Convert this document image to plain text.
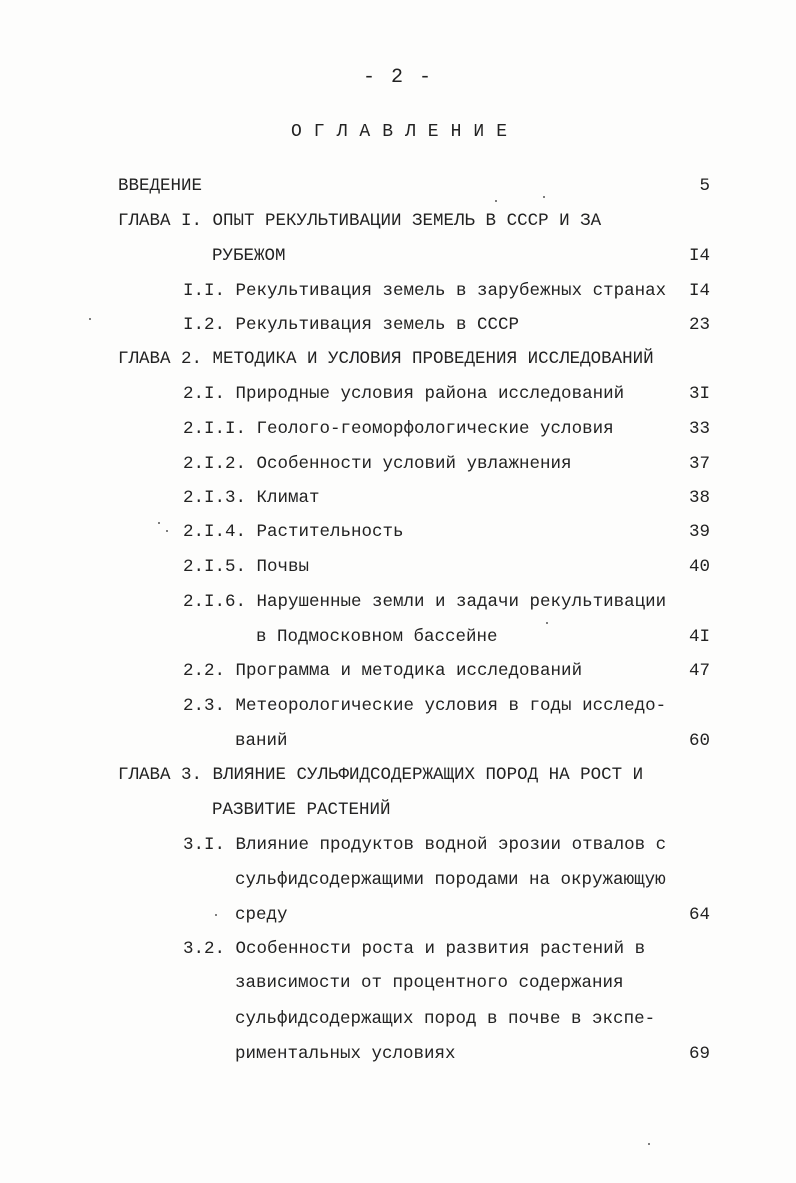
- 2 -
ОГЛАВЛЕНИЕ
ВВЕДЕНИЕ	5
ГЛАВА I. ОПЫТ РЕКУЛЬТИВАЦИИ ЗЕМЕЛЬ В СССР И ЗА
РУБЕЖОМ	I4
I.I. Рекультивация земель в зарубежных странах	I4
I.2. Рекультивация земель в СССР	23
ГЛАВА 2. МЕТОДИКА И УСЛОВИЯ ПРОВЕДЕНИЯ ИССЛЕДОВАНИЙ
2.I. Природные условия района исследований	3I
2.I.I. Геолого-геоморфологические условия	33
2.I.2. Особенности условий увлажнения	37
2.I.3. Климат	38
2.I.4. Растительность	39
2.I.5. Почвы	40
2.I.6. Нарушенные земли и задачи рекультивации
в Подмосковном бассейне	4I
2.2. Программа и методика исследований	47
2.3. Метеорологические условия в годы исследо-
ваний	60
ГЛАВА 3. ВЛИЯНИЕ СУЛЬФИДСОДЕРЖАЩИХ ПОРОД НА РОСТ И
РАЗВИТИЕ РАСТЕНИЙ
3.I. Влияние продуктов водной эрозии отвалов с
сульфидсодержащими породами на окружающую
среду	64
3.2. Особенности роста и развития растений в
зависимости от процентного содержания
сульфидсодержащих пород в почве в экспе-
риментальных условиях	69
